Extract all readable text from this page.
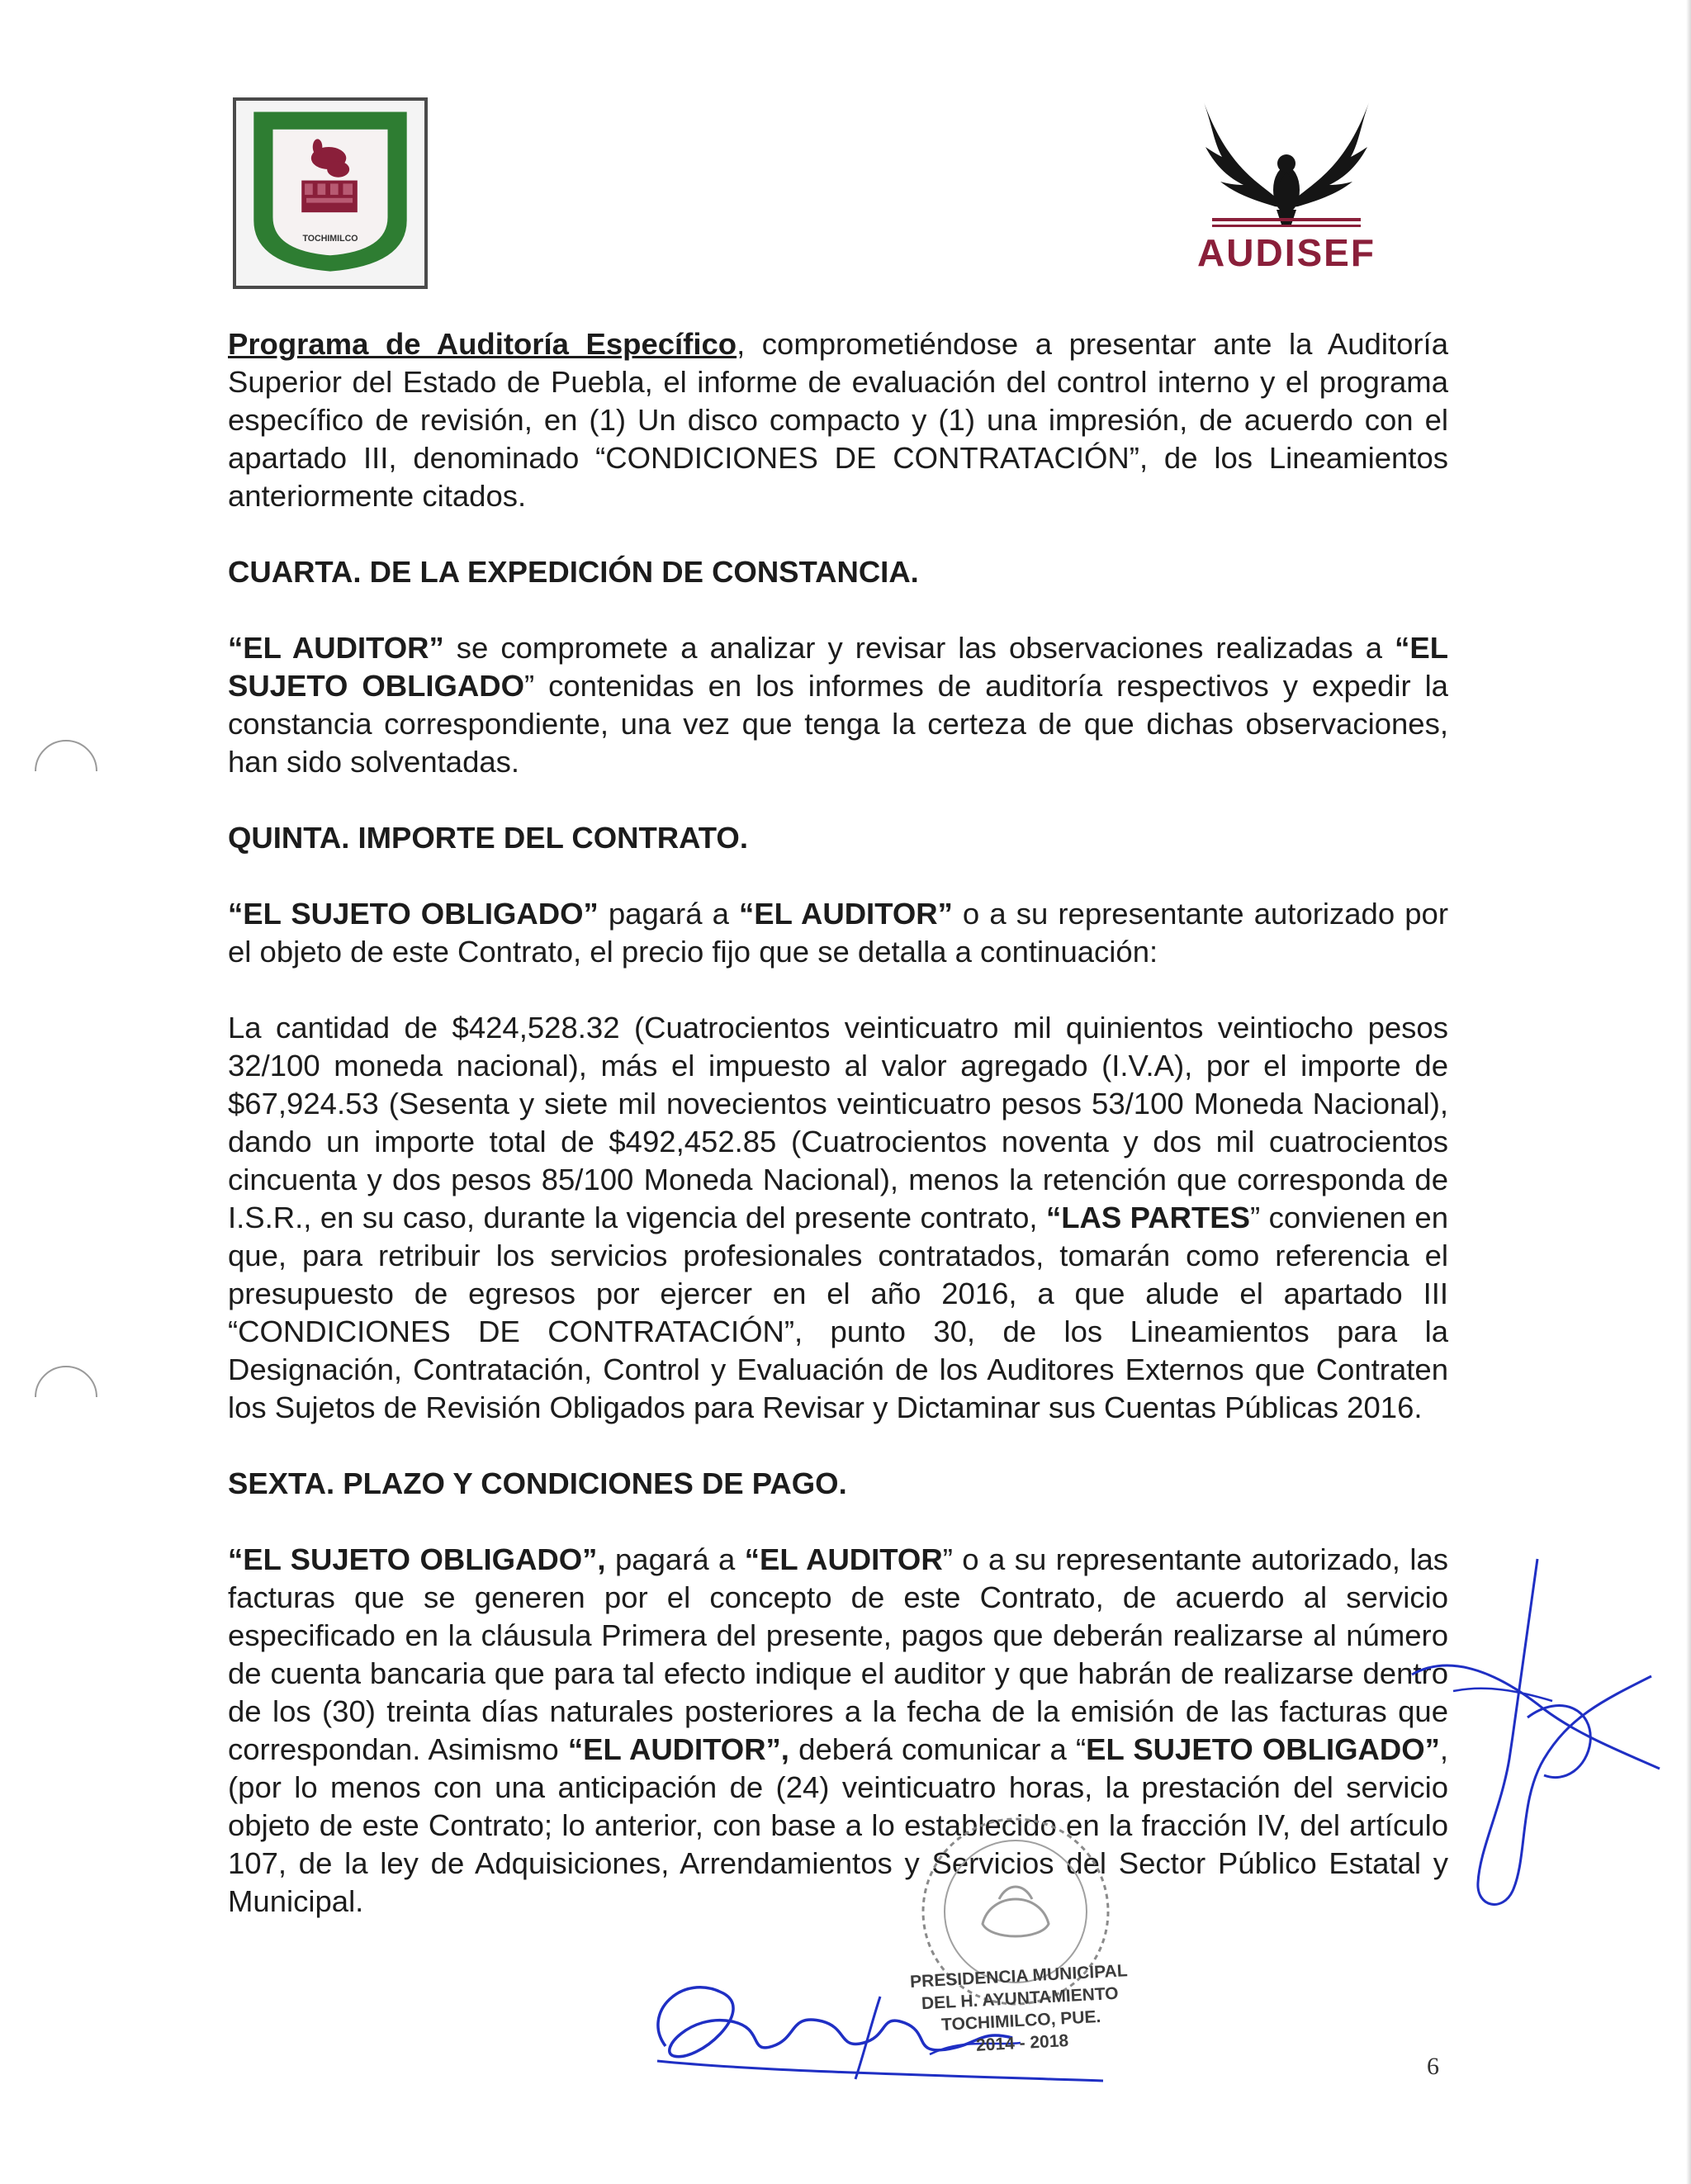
TOCHIMILCO	AUDISEF

Programa de Auditoría Específico, comprometiéndose a presentar ante la Auditoría Superior del Estado de Puebla, el informe de evaluación del control interno y el programa específico de revisión, en (1) Un disco compacto y (1) una impresión, de acuerdo con el apartado III, denominado “CONDICIONES DE CONTRATACIÓN”, de los Lineamientos anteriormente citados.

CUARTA. DE LA EXPEDICIÓN DE CONSTANCIA.

“EL AUDITOR” se compromete a analizar y revisar las observaciones realizadas a “EL SUJETO OBLIGADO” contenidas en los informes de auditoría respectivos y expedir la constancia correspondiente, una vez que tenga la certeza de que dichas observaciones, han sido solventadas.

QUINTA. IMPORTE DEL CONTRATO.

“EL SUJETO OBLIGADO” pagará a “EL AUDITOR” o a su representante autorizado por el objeto de este Contrato, el precio fijo que se detalla a continuación:

La cantidad de $424,528.32 (Cuatrocientos veinticuatro mil quinientos veintiocho pesos 32/100 moneda nacional), más el impuesto al valor agregado (I.V.A), por el importe de $67,924.53 (Sesenta y siete mil novecientos veinticuatro pesos 53/100 Moneda Nacional), dando un importe total de $492,452.85 (Cuatrocientos noventa y dos mil cuatrocientos cincuenta y dos pesos 85/100 Moneda Nacional), menos la retención que corresponda de I.S.R., en su caso, durante la vigencia del presente contrato, “LAS PARTES” convienen en que, para retribuir los servicios profesionales contratados, tomarán como referencia el presupuesto de egresos por ejercer en el año 2016, a que alude el apartado III “CONDICIONES DE CONTRATACIÓN”, punto 30, de los Lineamientos para la Designación, Contratación, Control y Evaluación de los Auditores Externos que Contraten los Sujetos de Revisión Obligados para Revisar y Dictaminar sus Cuentas Públicas 2016.

SEXTA. PLAZO Y CONDICIONES DE PAGO.

“EL SUJETO OBLIGADO”, pagará a “EL AUDITOR” o a su representante autorizado, las facturas que se generen por el concepto de este Contrato, de acuerdo al servicio especificado en la cláusula Primera del presente, pagos que deberán realizarse al número de cuenta bancaria que para tal efecto indique el auditor y que habrán de realizarse dentro de los (30) treinta días naturales posteriores a la fecha de la emisión de las facturas que correspondan. Asimismo “EL AUDITOR”, deberá comunicar a “EL SUJETO OBLIGADO”, (por lo menos con una anticipación de (24) veinticuatro horas, la prestación del servicio objeto de este Contrato; lo anterior, con base a lo establecido en la fracción IV, del artículo 107, de la ley de Adquisiciones, Arrendamientos y Servicios del Sector Público Estatal y Municipal.

PRESIDENCIA MUNICIPAL
DEL H. AYUNTAMIENTO
TOCHIMILCO, PUE.
2014 - 2018
6
